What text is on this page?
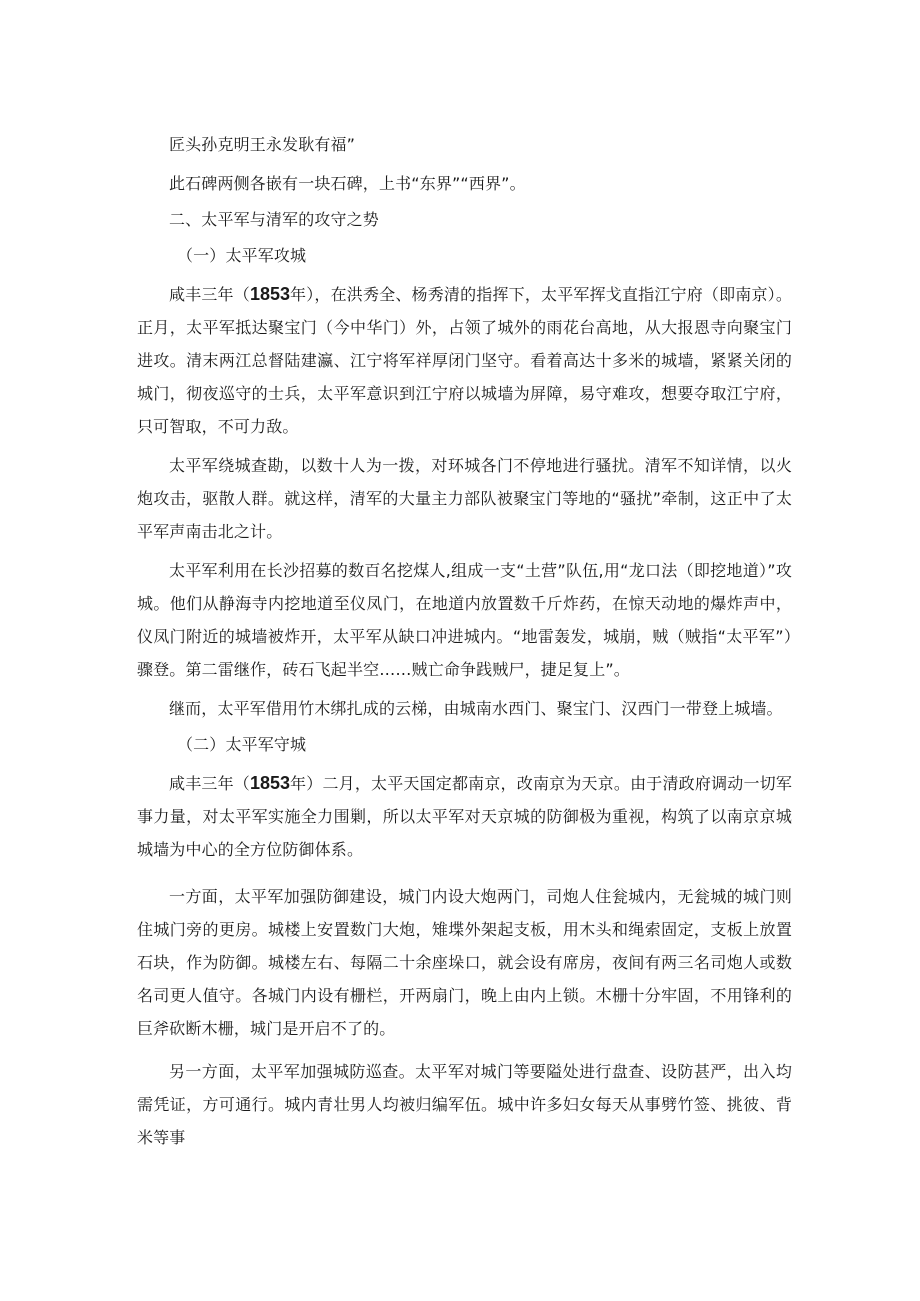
匠头孙克明王永发耿有福”

此石碑两侧各嵌有一块石碑，上书“东界”“西界”。

二、太平军与清军的攻守之势

（一）太平军攻城

咸丰三年（1853年），在洪秀全、杨秀清的指挥下，太平军挥戈直指江宁府（即南京）。正月，太平军抵达聚宝门（今中华门）外，占领了城外的雨花台高地，从大报恩寺向聚宝门进攻。清末两江总督陆建瀛、江宁将军祥厚闭门坚守。看着高达十多米的城墙，紧紧关闭的城门，彻夜巡守的士兵，太平军意识到江宁府以城墙为屏障，易守难攻，想要夺取江宁府，只可智取，不可力敌。

太平军绕城查勘，以数十人为一拨，对环城各门不停地进行骚扰。清军不知详情，以火炮攻击，驱散人群。就这样，清军的大量主力部队被聚宝门等地的“骚扰”牵制，这正中了太平军声南击北之计。

太平军利用在长沙招募的数百名挖煤人,组成一支“土营”队伍,用“龙口法（即挖地道）”攻城。他们从静海寺内挖地道至仪凤门，在地道内放置数千斤炸药，在惊天动地的爆炸声中，仪凤门附近的城墙被炸开，太平军从缺口冲进城内。“地雷轰发，城崩，贼（贼指“太平军”）骤登。第二雷继作，砖石飞起半空……贼亡命争践贼尸，捷足复上”。

继而，太平军借用竹木绑扎成的云梯，由城南水西门、聚宝门、汉西门一带登上城墙。

（二）太平军守城

咸丰三年（1853年）二月，太平天国定都南京，改南京为天京。由于清政府调动一切军事力量，对太平军实施全力围剿，所以太平军对天京城的防御极为重视，构筑了以南京京城城墙为中心的全方位防御体系。

一方面，太平军加强防御建设，城门内设大炮两门，司炮人住瓮城内，无瓮城的城门则住城门旁的更房。城楼上安置数门大炮，雉堞外架起支板，用木头和绳索固定，支板上放置石块，作为防御。城楼左右、每隔二十余座垛口，就会设有席房，夜间有两三名司炮人或数名司更人值守。各城门内设有栅栏，开两扇门，晚上由内上锁。木栅十分牢固，不用锋利的巨斧砍断木栅，城门是开启不了的。

另一方面，太平军加强城防巡查。太平军对城门等要隘处进行盘查、设防甚严，出入均需凭证，方可通行。城内青壮男人均被归编军伍。城中许多妇女每天从事劈竹签、挑彼、背米等事
